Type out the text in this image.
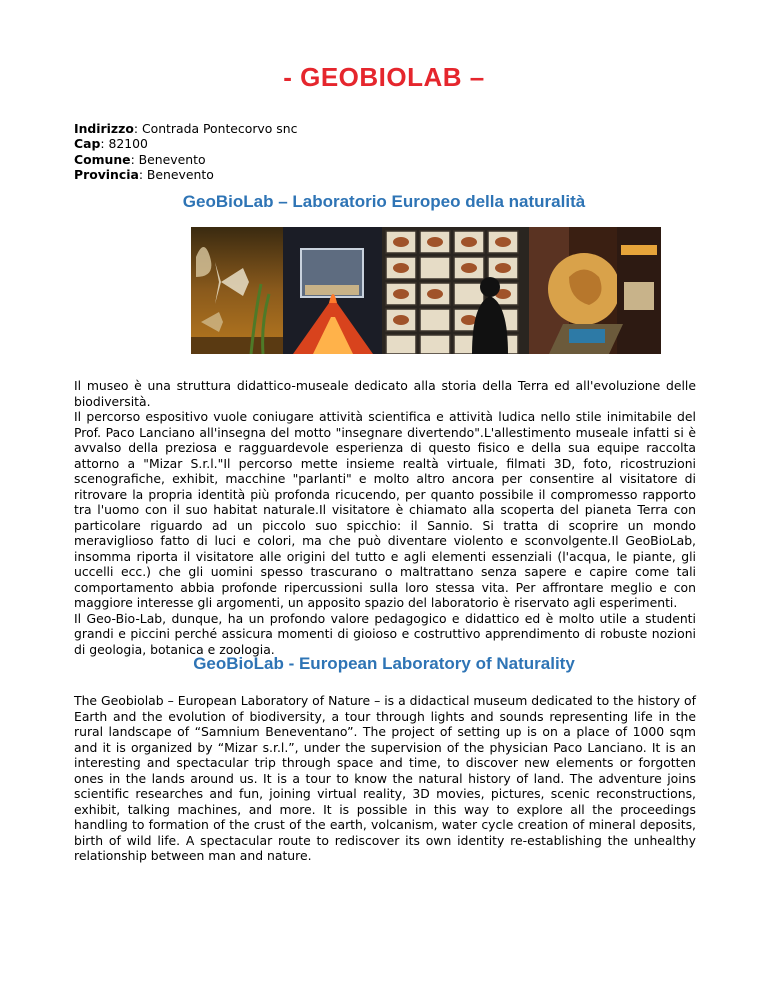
- GEOBIOLAB –
Indirizzo: Contrada Pontecorvo snc
Cap: 82100
Comune: Benevento
Provincia: Benevento
GeoBioLab – Laboratorio Europeo della naturalità

Il museo è una struttura didattico-museale dedicato alla storia della Terra ed all'evoluzione delle biodiversità.

Il percorso espositivo vuole coniugare attività scientifica e attività ludica nello stile inimitabile del Prof. Paco Lanciano all'insegna del motto "insegnare divertendo".L'allestimento museale infatti si è avvalso della preziosa e ragguardevole esperienza di questo fisico e della sua equipe raccolta attorno a "Mizar S.r.l."Il percorso mette insieme realtà virtuale, filmati 3D, foto, ricostruzioni scenografiche, exhibit, macchine "parlanti" e molto altro ancora per consentire al visitatore di ritrovare la propria identità più profonda ricucendo, per quanto possibile il compromesso rapporto tra l'uomo con il suo habitat naturale.Il visitatore è chiamato alla scoperta del pianeta Terra con particolare riguardo ad un piccolo suo spicchio: il Sannio. Si tratta di scoprire un mondo meraviglioso fatto di luci e colori, ma che può diventare violento e sconvolgente.Il GeoBioLab, insomma riporta il visitatore alle origini del tutto e agli elementi essenziali (l'acqua, le piante, gli uccelli ecc.) che gli uomini spesso trascurano o maltrattano senza sapere e capire come tali comportamento abbia profonde ripercussioni sulla loro stessa vita. Per affrontare meglio e con maggiore interesse gli argomenti, un apposito spazio del laboratorio è riservato agli esperimenti.

Il Geo-Bio-Lab, dunque, ha un profondo valore pedagogico e didattico ed è molto utile a studenti grandi e piccini perché assicura momenti di gioioso e costruttivo apprendimento di robuste nozioni di geologia, botanica e zoologia.

GeoBioLab - European Laboratory of Naturality

The Geobiolab – European Laboratory of Nature – is a didactical museum dedicated to the history of Earth and the evolution of biodiversity, a tour through lights and sounds representing life in the rural landscape of “Samnium Beneventano”. The project of setting up is on a place of 1000 sqm and it is organized by “Mizar s.r.l.”, under the supervision of the physician Paco Lanciano. It is an interesting and spectacular trip through space and time, to discover new elements or forgotten ones in the lands around us. It is a tour to know the natural history of land. The adventure joins scientific researches and fun, joining virtual reality, 3D movies, pictures, scenic reconstructions, exhibit, talking machines, and more. It is possible in this way to explore all the proceedings handling to formation of the crust of the earth, volcanism, water cycle creation of mineral deposits, birth of wild life. A spectacular route to rediscover its own identity re-establishing the unhealthy relationship between man and nature.
